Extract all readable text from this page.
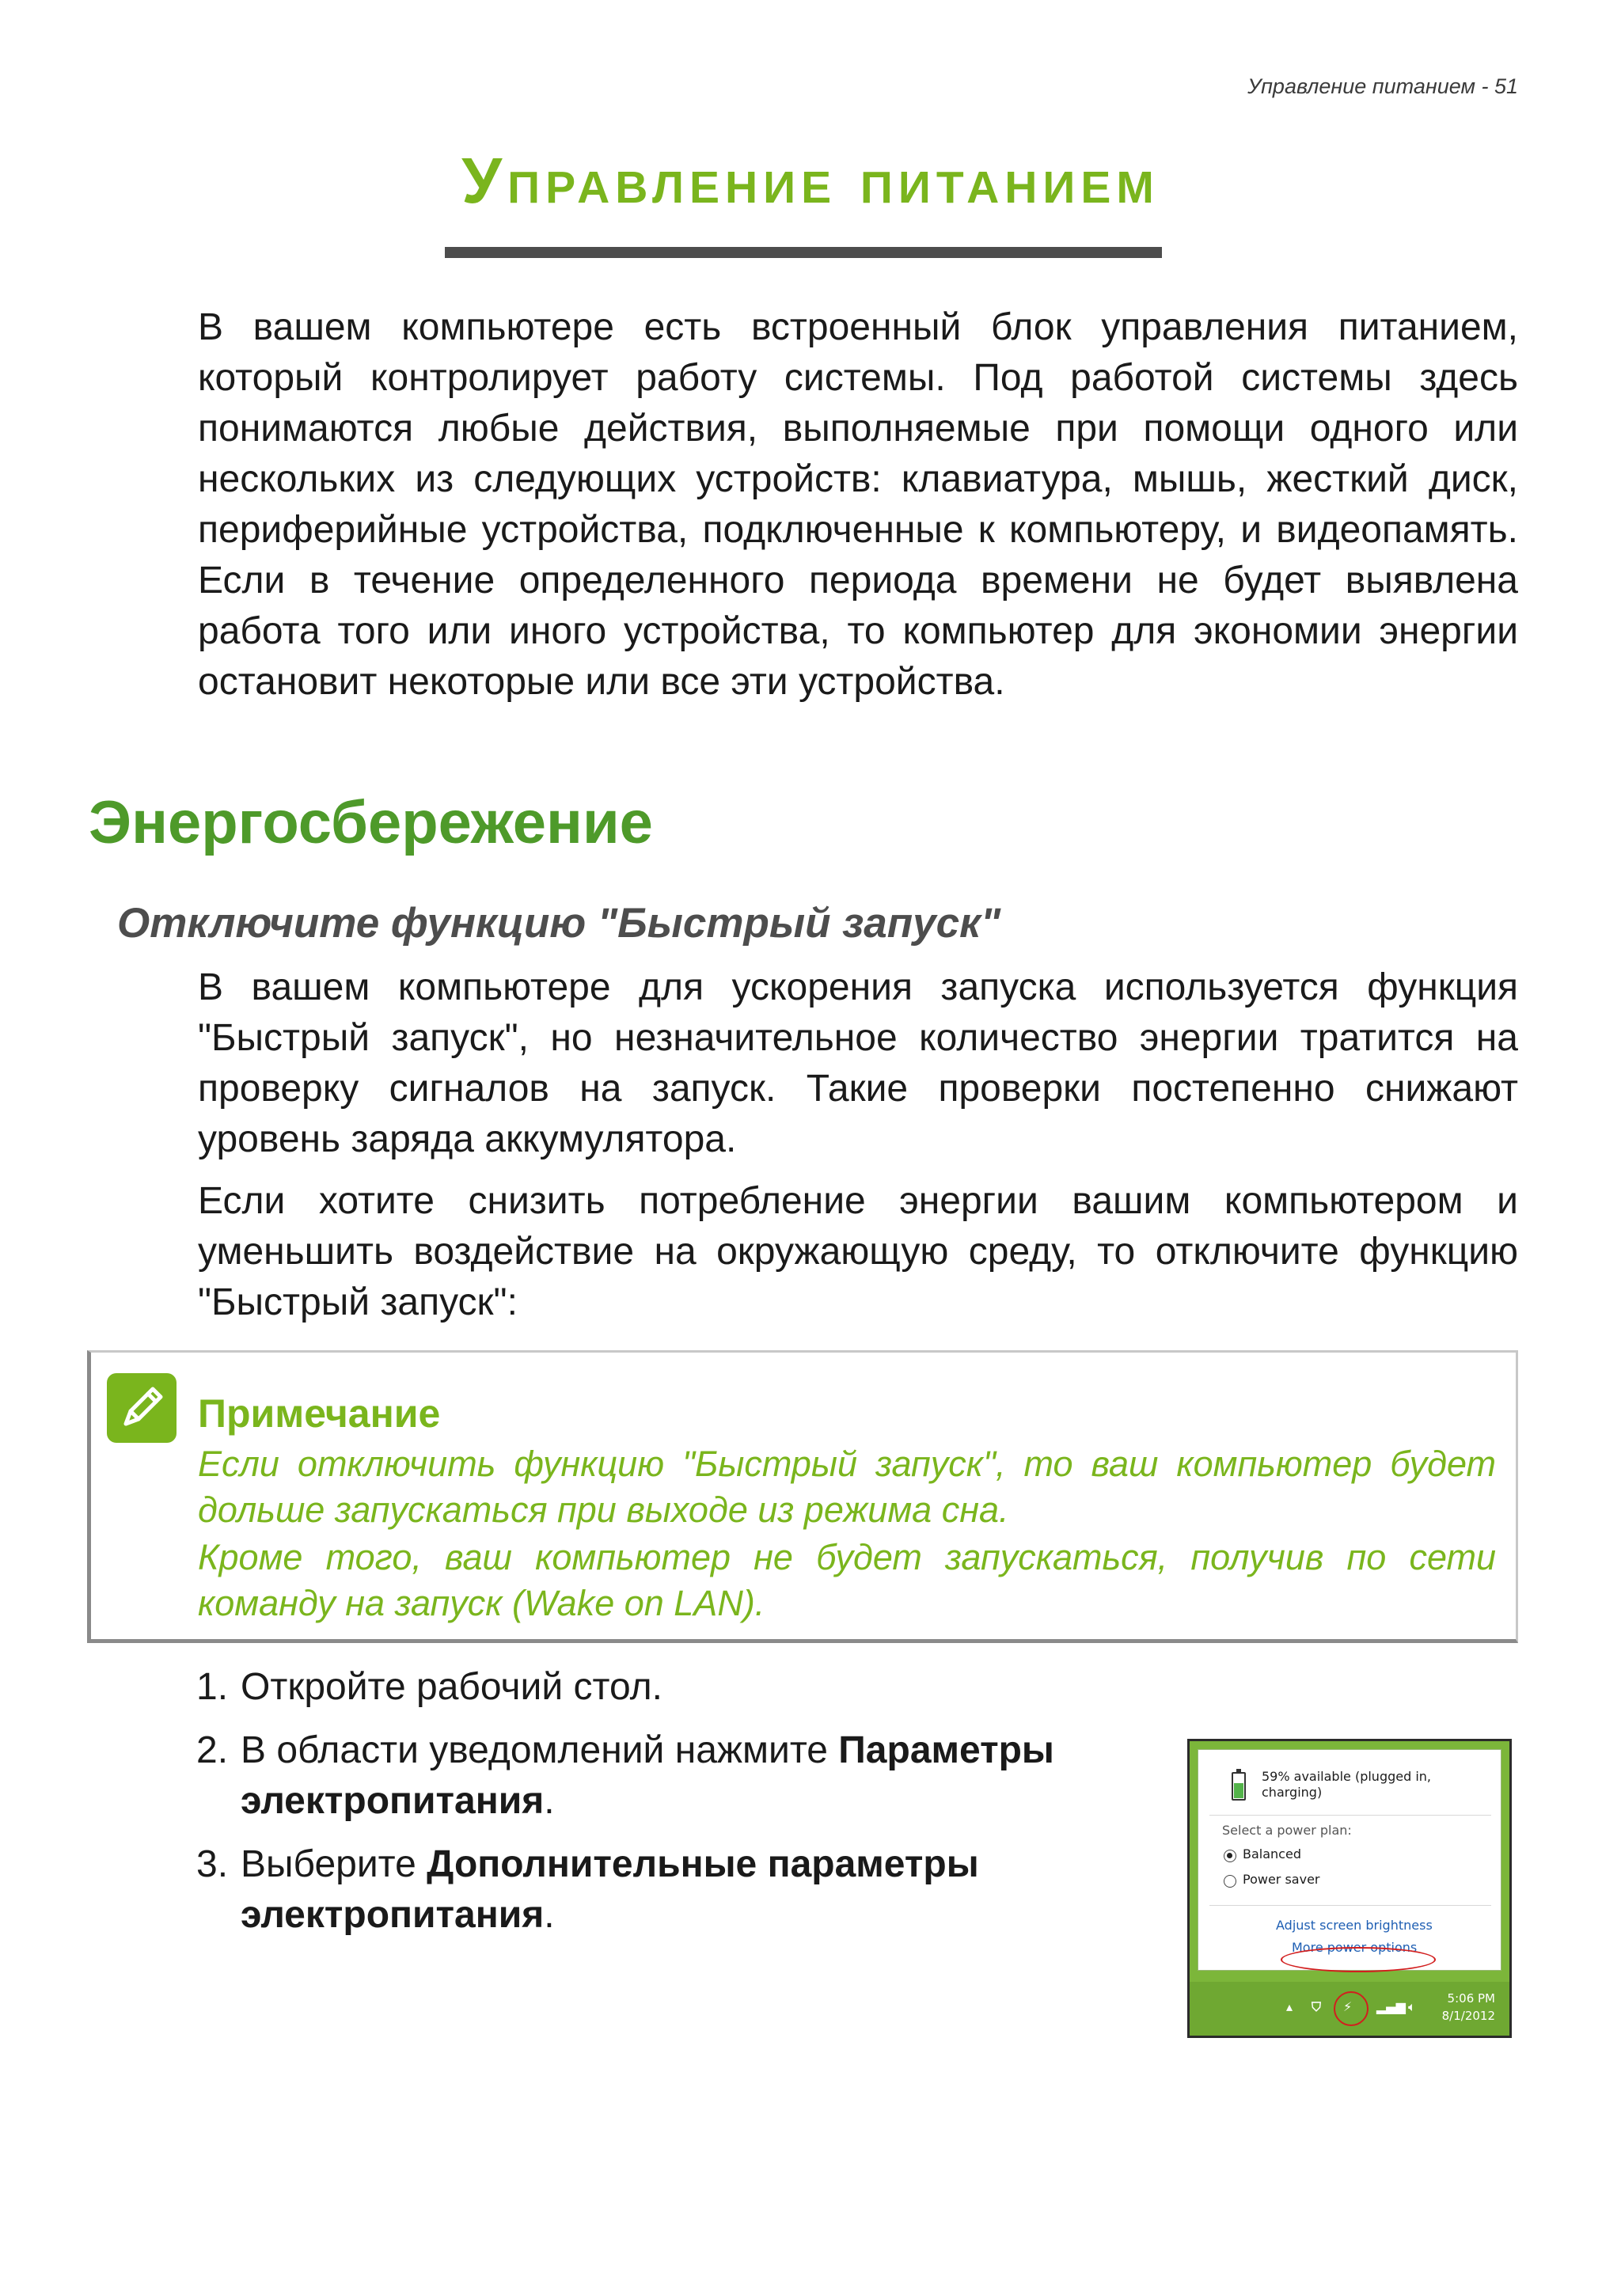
Управление питанием - 51
Управление питанием

В вашем компьютере есть встроенный блок управления питанием, который контролирует работу системы. Под работой системы здесь понимаются любые действия, выполняемые при помощи одного или нескольких из следующих устройств: клавиатура, мышь, жесткий диск, периферийные устройства, подключенные к компьютеру, и видеопамять. Если в течение определенного периода времени не будет выявлена работа того или иного устройства, то компьютер для экономии энергии остановит некоторые или все эти устройства.

Энергосбережение
Отключите функцию "Быстрый запуск"

В вашем компьютере для ускорения запуска используется функция "Быстрый запуск", но незначительное количество энергии тратится на проверку сигналов на запуск. Такие проверки постепенно снижают уровень заряда аккумулятора.

Если хотите снизить потребление энергии вашим компьютером и уменьшить воздействие на окружающую среду, то отключите функцию "Быстрый запуск":

Примечание

Если отключить функцию "Быстрый запуск", то ваш компьютер будет дольше запускаться при выходе из режима сна.

Кроме того, ваш компьютер не будет запускаться, получив по сети команду на запуск (Wake on LAN).

1. Откройте рабочий стол.
2. В области уведомлений нажмите Параметры электропитания.
3. Выберите Дополнительные параметры электропитания.
59% available (plugged in,
charging)
Select a power plan:
Balanced
Power saver
Adjust screen brightness
More power options
▴ ⛉ ⚡ ▂▄▆ 🔈︎
5:06 PM
8/1/2012
